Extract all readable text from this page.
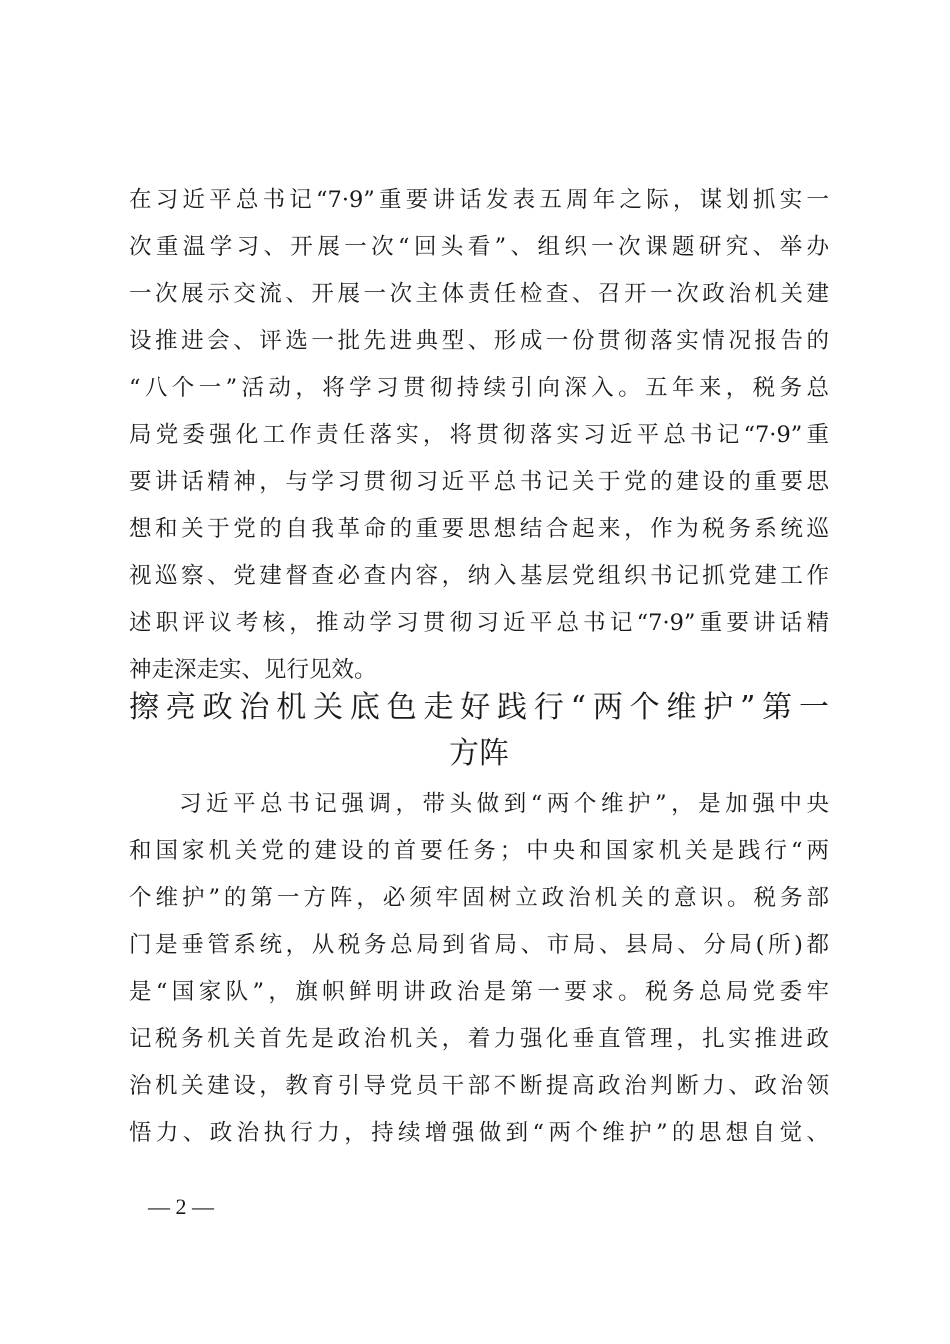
在习近平总书记“7·9”重要讲话发表五周年之际，谋划抓实一
次重温学习、开展一次“回头看”、组织一次课题研究、举办
一次展示交流、开展一次主体责任检查、召开一次政治机关建
设推进会、评选一批先进典型、形成一份贯彻落实情况报告的
“八个一”活动，将学习贯彻持续引向深入。五年来，税务总
局党委强化工作责任落实，将贯彻落实习近平总书记“7·9”重
要讲话精神，与学习贯彻习近平总书记关于党的建设的重要思
想和关于党的自我革命的重要思想结合起来，作为税务系统巡
视巡察、党建督查必查内容，纳入基层党组织书记抓党建工作
述职评议考核，推动学习贯彻习近平总书记“7·9”重要讲话精
神走深走实、见行见效。
擦亮政治机关底色走好践行“两个维护”第一
方阵
习近平总书记强调，带头做到“两个维护”，是加强中央
和国家机关党的建设的首要任务；中央和国家机关是践行“两
个维护”的第一方阵，必须牢固树立政治机关的意识。税务部
门是垂管系统，从税务总局到省局、市局、县局、分局(所)都
是“国家队”，旗帜鲜明讲政治是第一要求。税务总局党委牢
记税务机关首先是政治机关，着力强化垂直管理，扎实推进政
治机关建设，教育引导党员干部不断提高政治判断力、政治领
悟力、政治执行力，持续增强做到“两个维护”的思想自觉、
— 2 —
